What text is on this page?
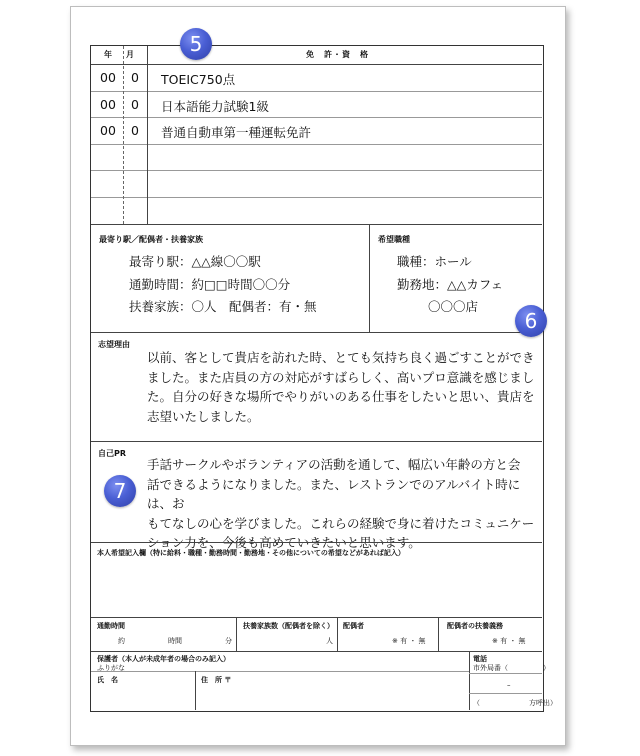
年 月	免　許・資　格
00 0 TOEIC750点
00 0 日本語能力試験1級
00 0 普通自動車第一種運転免許
最寄り駅／配偶者・扶養家族
最寄り駅：△△線〇〇駅
通勤時間：約□□時間〇〇分
扶養家族：〇人　配偶者：有・無
希望職種
職種：ホール
勤務地：△△カフェ
〇〇〇店
志望理由
以前、客として貴店を訪れた時、とても気持ち良く過ごすことができ
ました。また店員の方の対応がすばらしく、高いプロ意識を感じまし
た。自分の好きな場所でやりがいのある仕事をしたいと思い、貴店を
志望いたしました。
自己PR
手話サークルやボランティアの活動を通して、幅広い年齢の方と会
話できるようになりました。また、レストランでのアルバイト時には、お
もてなしの心を学びました。これらの経験で身に着けたコミュニケー
ション力を、今後も高めていきたいと思います。
本人希望記入欄（特に給料・職種・勤務時間・勤務地・その他についての希望などがあれば記入）
通勤時間
約	時間	分
扶養家族数（配偶者を除く）
人
配偶者
※ 有 ・ 無
配偶者の扶養義務
※ 有 ・ 無
保護者（本人が未成年者の場合のみ記入）
ふりがな
電話
市外局番（　　　　　）
氏　名	住　所 〒
–
（　　　　　　　方呼出）
5
6
7
